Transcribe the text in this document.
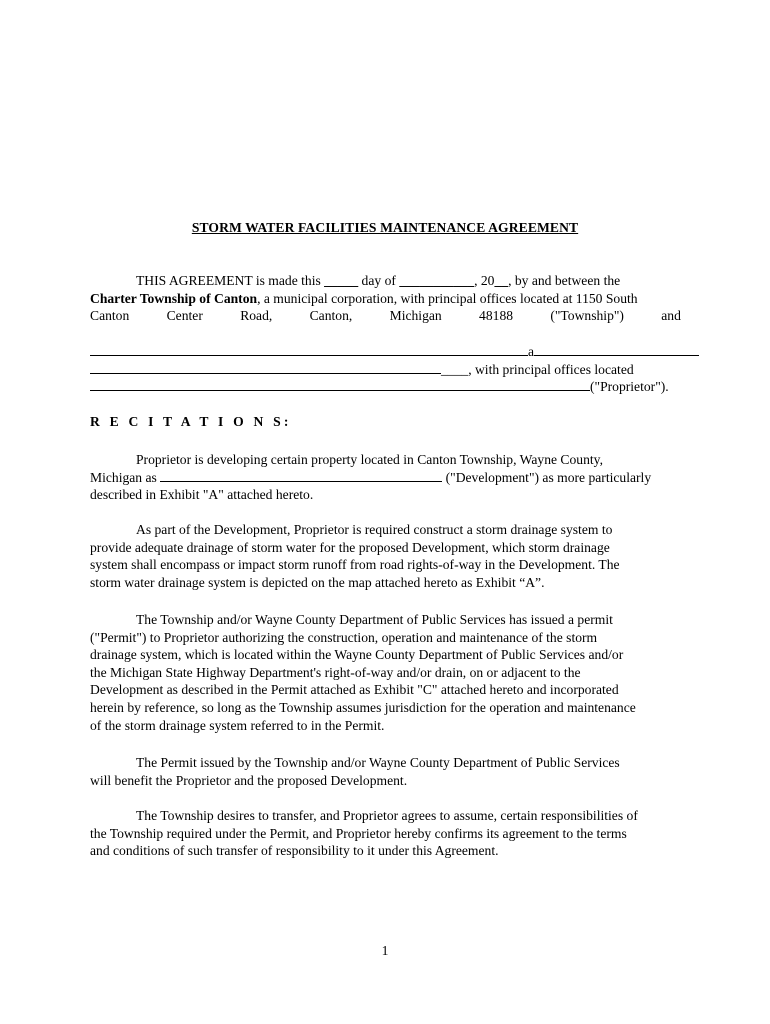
STORM WATER FACILITIES MAINTENANCE AGREEMENT
THIS AGREEMENT is made this _____ day of ___________, 20__, by and between the
Charter Township of Canton, a municipal corporation, with principal offices located at 1150 South
Canton	Center	Road,	Canton,	Michigan	48188	("Township")	and
a
____, with principal offices located
("Proprietor").
R E C I T A T I O N S:
Proprietor is developing certain property located in Canton Township, Wayne County,
Michigan as	("Development") as more particularly
described in Exhibit "A" attached hereto.
As part of the Development, Proprietor is required construct a storm drainage system to
provide adequate drainage of storm water for the proposed Development, which storm drainage
system shall encompass or impact storm runoff from road rights-of-way in the Development. The
storm water drainage system is depicted on the map attached hereto as Exhibit “A”.
The Township and/or Wayne County Department of Public Services has issued a permit
("Permit") to Proprietor authorizing the construction, operation and maintenance of the storm
drainage system, which is located within the Wayne County Department of Public Services and/or
the Michigan State Highway Department's right-of-way and/or drain, on or adjacent to the
Development as described in the Permit attached as Exhibit "C" attached hereto and incorporated
herein by reference, so long as the Township assumes jurisdiction for the operation and maintenance
of the storm drainage system referred to in the Permit.
The Permit issued by the Township and/or Wayne County Department of Public Services
will benefit the Proprietor and the proposed Development.
The Township desires to transfer, and Proprietor agrees to assume, certain responsibilities of
the Township required under the Permit, and Proprietor hereby confirms its agreement to the terms
and conditions of such transfer of responsibility to it under this Agreement.
1
